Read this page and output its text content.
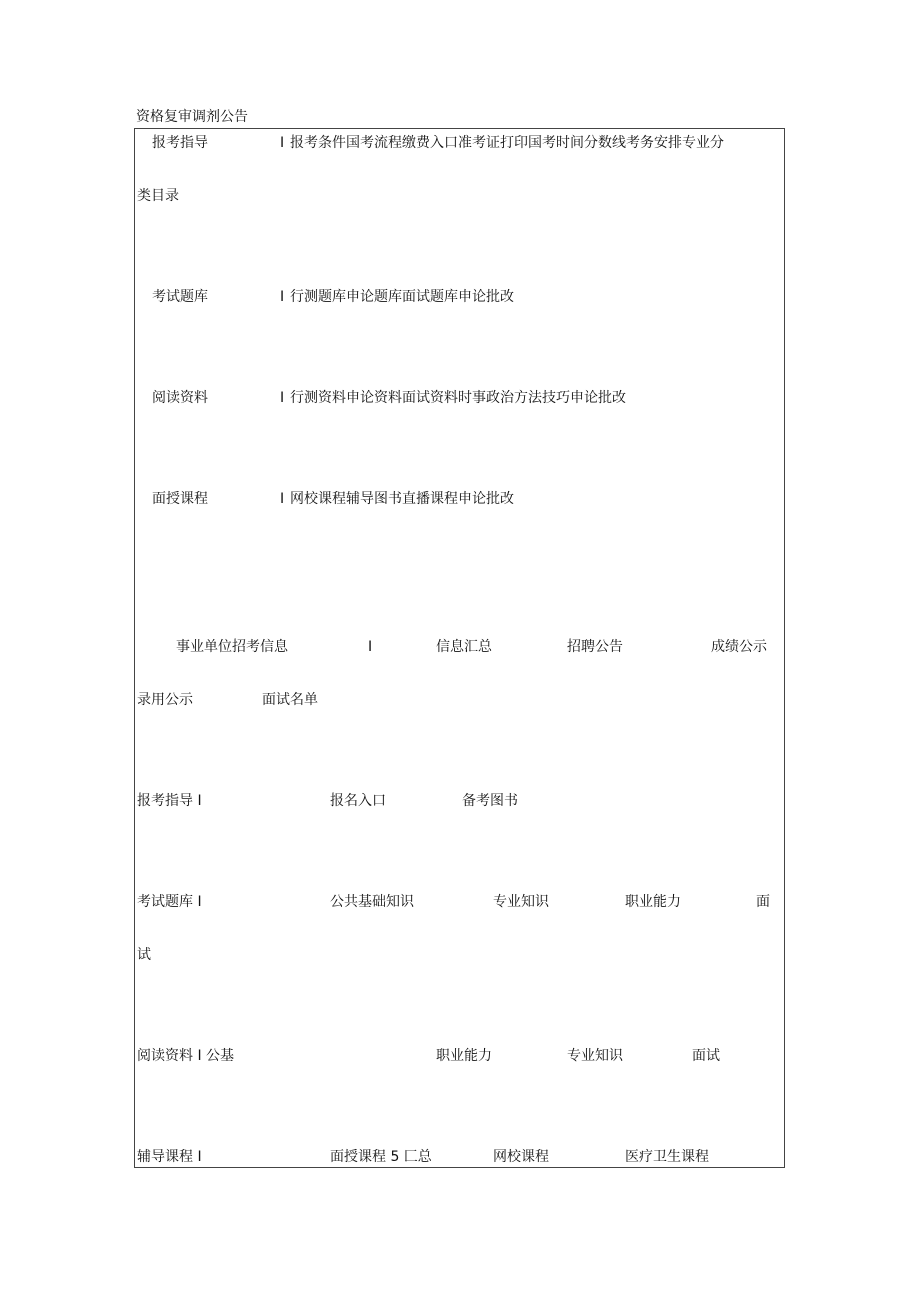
资格复审调剂公告
报考指导	I 报考条件国考流程缴费入口准考证打印国考时间分数线考务安排专业分
类目录
考试题库	I 行测题库申论题库面试题库申论批改
阅读资料	I 行测资料申论资料面试资料时事政治方法技巧申论批改
面授课程	I 网校课程辅导图书直播课程申论批改
事业单位招考信息	I	信息汇总	招聘公告	成绩公示
录用公示	面试名单
报考指导 I	报名入口	备考图书
考试题库 I	公共基础知识	专业知识	职业能力	面
试
阅读资料 I 公基	职业能力	专业知识	面试
辅导课程 I	面授课程 5 匚总	网校课程	医疗卫生课程
